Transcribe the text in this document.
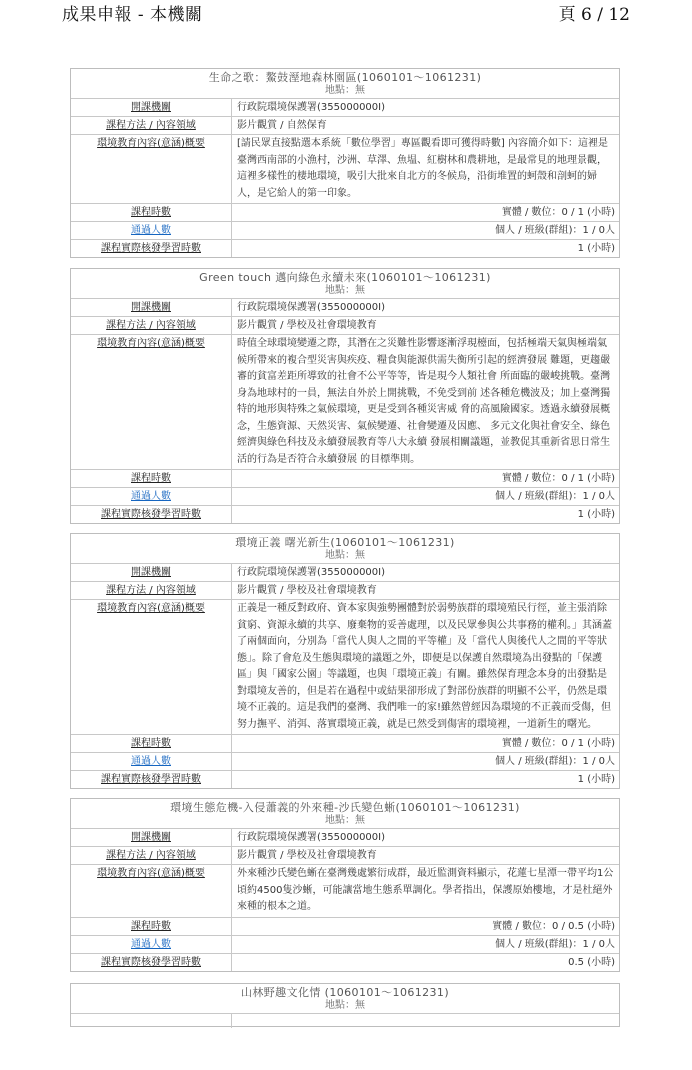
成果申報 - 本機關	頁 6 / 12
生命之歌：鰲鼓溼地森林園區(1060101～1061231)
地點：無
開課機關	行政院環境保護署(355000000I)
課程方法 / 內容領域	影片觀賞 / 自然保育
環境教育內容(意涵)概要	[請民眾直接點選本系統「數位學習」專區觀看即可獲得時數] 內容簡介如下：這裡是臺灣西南部的小漁村，沙洲、草澤、魚塭、紅樹林和農耕地，是最常見的地理景觀，這裡多樣性的棲地環境，吸引大批來自北方的冬候鳥，沿街堆置的蚵殼和剖蚵的婦人，是它給人的第一印象。
課程時數	實體 / 數位：0 / 1 (小時)
通過人數	個人 / 班級(群組)：1 / 0人
課程實際核發學習時數	1 (小時)
Green touch 邁向綠色永續未來(1060101～1061231)
地點：無
開課機關	行政院環境保護署(355000000I)
課程方法 / 內容領域	影片觀賞 / 學校及社會環境教育
環境教育內容(意涵)概要	時值全球環境變遷之際，其潛在之災難性影響逐漸浮現檯面，包括極端天氣與極端氣候所帶來的複合型災害與疾疫、糧食與能源供需失衡所引起的經濟發展 難題，更趨嚴審的貧富差距所導致的社會不公平等等，皆是現今人類社會 所面臨的嚴峻挑戰。臺灣身為地球村的一員，無法自外於上開挑戰，不免受到前 述各種危機波及；加上臺灣獨特的地形與特殊之氣候環境，更是受到各種災害威 脅的高風險國家。透過永續發展概念，生態資源、天然災害、氣候變遷、社會變遷及因應、 多元文化與社會安全、綠色經濟與綠色科技及永續發展教育等八大永續 發展相關議題，並教促其重新省思日常生活的行為是否符合永續發展 的目標準則。
課程時數	實體 / 數位：0 / 1 (小時)
通過人數	個人 / 班級(群組)：1 / 0人
課程實際核發學習時數	1 (小時)
環境正義 曙光新生(1060101～1061231)
地點：無
開課機關	行政院環境保護署(355000000I)
課程方法 / 內容領域	影片觀賞 / 學校及社會環境教育
環境教育內容(意涵)概要	正義是一種反對政府、資本家與強勢團體對於弱勢族群的環境殖民行徑，並主張消除貧窮、資源永續的共享、廢棄物的妥善處理，以及民眾參與公共事務的權利。」其涵蓋了兩個面向，分別為「當代人與人之間的平等權」及「當代人與後代人之間的平等狀態」。除了會危及生態與環境的議題之外，即便是以保護自然環境為出發點的「保護區」與「國家公園」等議題，也與「環境正義」有關。雖然保育理念本身的出發點是對環境友善的，但是若在過程中或結果卻形成了對部份族群的明顯不公平，仍然是環境不正義的。這是我們的臺灣、我們唯一的家!雖然曾經因為環境的不正義而受傷，但努力撫平、消弭、落實環境正義，就是已然受到傷害的環境裡，一道新生的曙光。
課程時數	實體 / 數位：0 / 1 (小時)
通過人數	個人 / 班級(群組)：1 / 0人
課程實際核發學習時數	1 (小時)
環境生態危機-入侵蕭義的外來種-沙氏變色蜥(1060101～1061231)
地點：無
開課機關	行政院環境保護署(355000000I)
課程方法 / 內容領域	影片觀賞 / 學校及社會環境教育
環境教育內容(意涵)概要	外來種沙氏變色蜥在臺灣幾處繁衍成群，最近監測資料顯示，花蓮七星潭一帶平均1公頃約4500隻沙蜥，可能讓當地生態系單調化。學者指出，保護原始樓地，才是杜絕外來種的根本之道。
課程時數	實體 / 數位：0 / 0.5 (小時)
通過人數	個人 / 班級(群組)：1 / 0人
課程實際核發學習時數	0.5 (小時)
山林野趣文化情 (1060101～1061231)
地點：無
